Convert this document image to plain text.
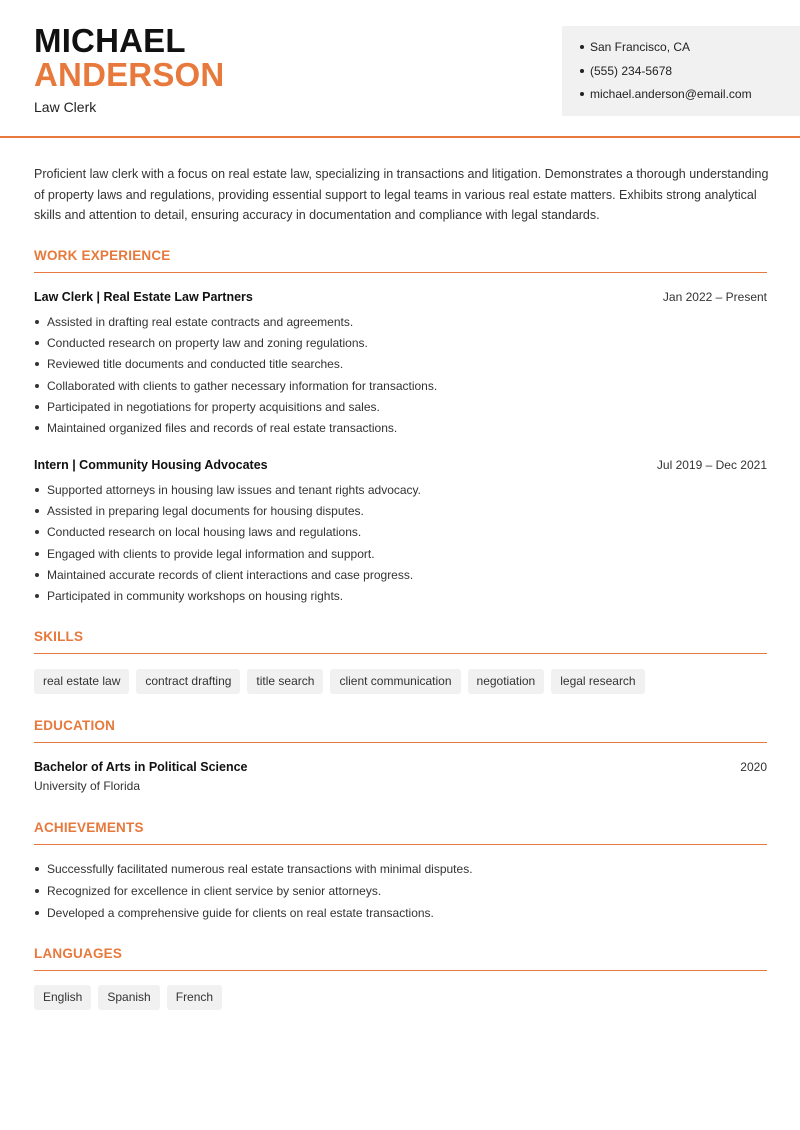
MICHAEL
ANDERSON
Law Clerk
San Francisco, CA
(555) 234-5678
michael.anderson@email.com

Proficient law clerk with a focus on real estate law, specializing in transactions and litigation. Demonstrates a thorough understanding of property laws and regulations, providing essential support to legal teams in various real estate matters. Exhibits strong analytical skills and attention to detail, ensuring accuracy in documentation and compliance with legal standards.

WORK EXPERIENCE
Law Clerk | Real Estate Law Partners	Jan 2022 – Present
Assisted in drafting real estate contracts and agreements.
Conducted research on property law and zoning regulations.
Reviewed title documents and conducted title searches.
Collaborated with clients to gather necessary information for transactions.
Participated in negotiations for property acquisitions and sales.
Maintained organized files and records of real estate transactions.
Intern | Community Housing Advocates	Jul 2019 – Dec 2021
Supported attorneys in housing law issues and tenant rights advocacy.
Assisted in preparing legal documents for housing disputes.
Conducted research on local housing laws and regulations.
Engaged with clients to provide legal information and support.
Maintained accurate records of client interactions and case progress.
Participated in community workshops on housing rights.
SKILLS
real estate law	contract drafting	title search	client communication	negotiation	legal research
EDUCATION
Bachelor of Arts in Political Science	2020
University of Florida
ACHIEVEMENTS
Successfully facilitated numerous real estate transactions with minimal disputes.
Recognized for excellence in client service by senior attorneys.
Developed a comprehensive guide for clients on real estate transactions.
LANGUAGES
English	Spanish	French
